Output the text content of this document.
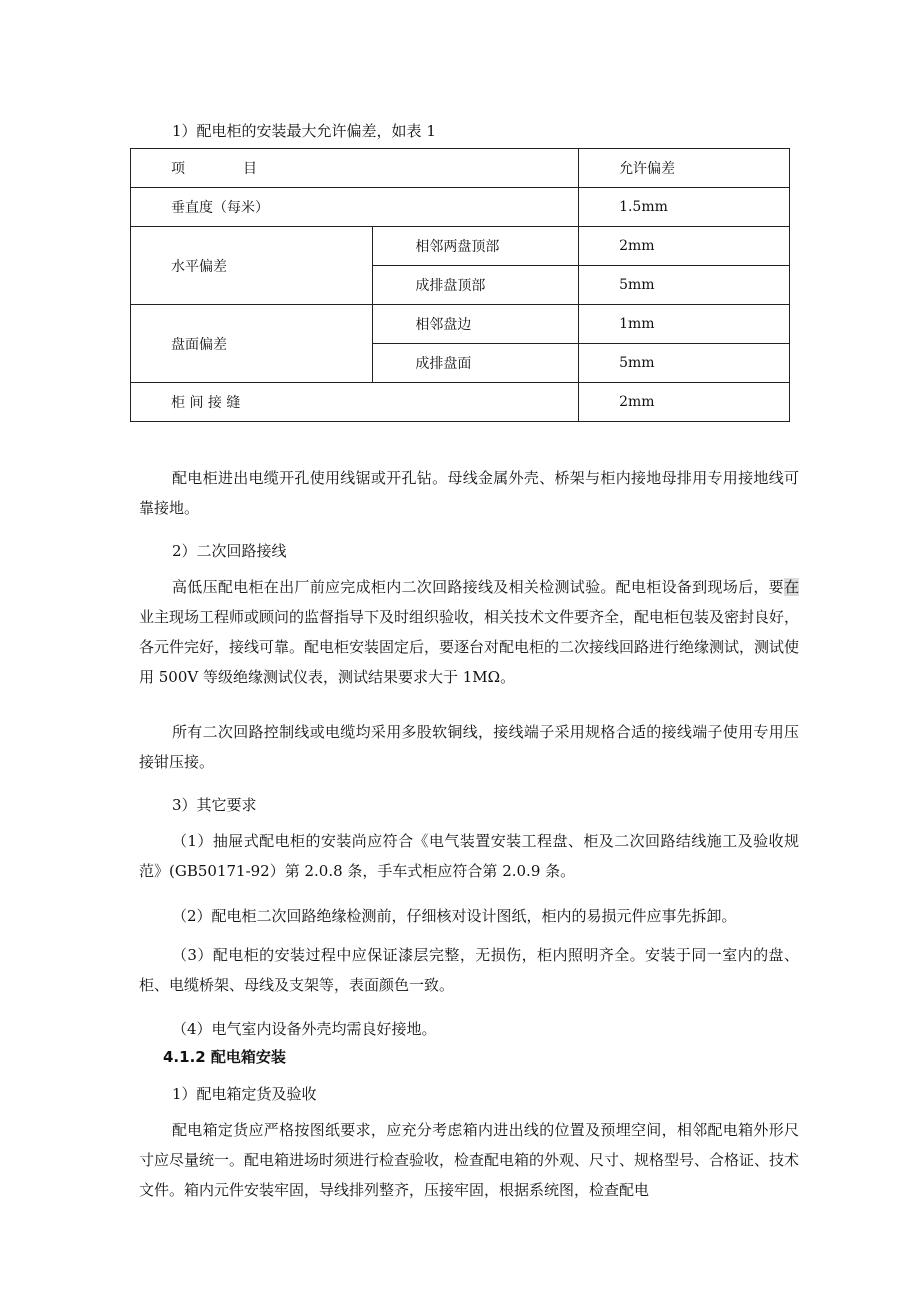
1）配电柜的安装最大允许偏差，如表 1
项　　目		允许偏差
垂直度（每米）		1.5mm
水平偏差	相邻两盘顶部	2mm
	成排盘顶部	5mm
盘面偏差	相邻盘边	1mm
	成排盘面	5mm
柜 间 接 缝		2mm
配电柜进出电缆开孔使用线锯或开孔钻。母线金属外壳、桥架与柜内接地母排用专用接地线可靠接地。
2）二次回路接线
高低压配电柜在出厂前应完成柜内二次回路接线及相关检测试验。配电柜设备到现场后，要在业主现场工程师或顾问的监督指导下及时组织验收，相关技术文件要齐全，配电柜包装及密封良好，各元件完好，接线可靠。配电柜安装固定后，要逐台对配电柜的二次接线回路进行绝缘测试，测试使用 500V 等级绝缘测试仪表，测试结果要求大于 1MΩ。
所有二次回路控制线或电缆均采用多股软铜线，接线端子采用规格合适的接线端子使用专用压接钳压接。
3）其它要求
（1）抽屉式配电柜的安装尚应符合《电气装置安装工程盘、柜及二次回路结线施工及验收规范》(GB50171-92）第 2.0.8 条，手车式柜应符合第 2.0.9 条。
（2）配电柜二次回路绝缘检测前，仔细核对设计图纸，柜内的易损元件应事先拆卸。
（3）配电柜的安装过程中应保证漆层完整，无损伤，柜内照明齐全。安装于同一室内的盘、柜、电缆桥架、母线及支架等，表面颜色一致。
（4）电气室内设备外壳均需良好接地。
4.1.2 配电箱安装
1）配电箱定货及验收
配电箱定货应严格按图纸要求，应充分考虑箱内进出线的位置及预埋空间，相邻配电箱外形尺寸应尽量统一。配电箱进场时须进行检查验收，检查配电箱的外观、尺寸、规格型号、合格证、技术文件。箱内元件安装牢固，导线排列整齐，压接牢固，根据系统图，检查配电
